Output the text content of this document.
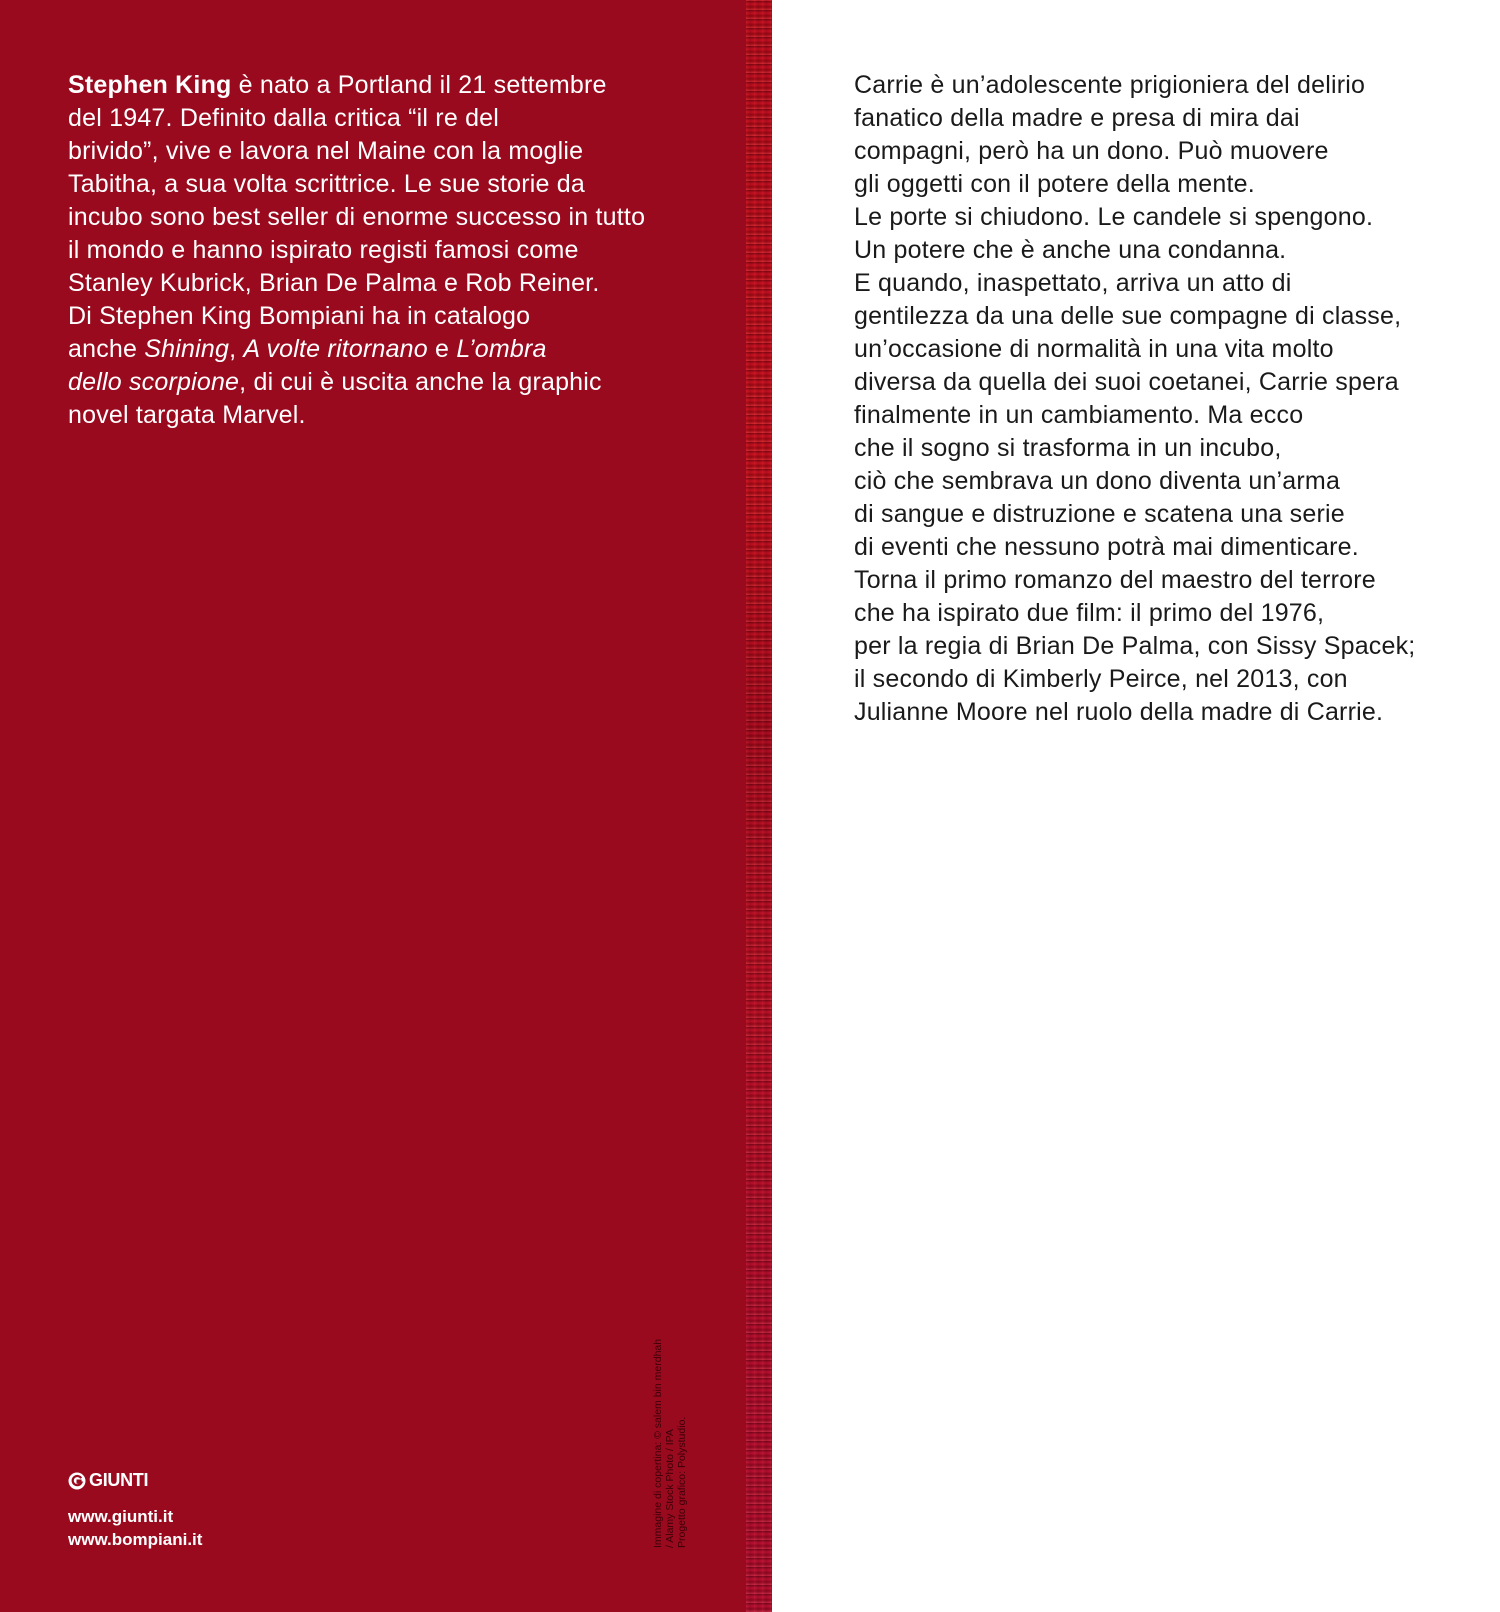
Stephen King è nato a Portland il 21 settembre
del 1947. Definito dalla critica “il re del
brivido”, vive e lavora nel Maine con la moglie
Tabitha, a sua volta scrittrice. Le sue storie da
incubo sono best seller di enorme successo in tutto
il mondo e hanno ispirato registi famosi come
Stanley Kubrick, Brian De Palma e Rob Reiner.
Di Stephen King Bompiani ha in catalogo
anche Shining, A volte ritornano e L’ombra
dello scorpione, di cui è uscita anche la graphic
novel targata Marvel.
Carrie è un’adolescente prigioniera del delirio
fanatico della madre e presa di mira dai
compagni, però ha un dono. Può muovere
gli oggetti con il potere della mente.
Le porte si chiudono. Le candele si spengono.
Un potere che è anche una condanna.
E quando, inaspettato, arriva un atto di
gentilezza da una delle sue compagne di classe,
un’occasione di normalità in una vita molto
diversa da quella dei suoi coetanei, Carrie spera
finalmente in un cambiamento. Ma ecco
che il sogno si trasforma in un incubo,
ciò che sembrava un dono diventa un’arma
di sangue e distruzione e scatena una serie
di eventi che nessuno potrà mai dimenticare.
Torna il primo romanzo del maestro del terrore
che ha ispirato due film: il primo del 1976,
per la regia di Brian De Palma, con Sissy Spacek;
il secondo di Kimberly Peirce, nel 2013, con
Julianne Moore nel ruolo della madre di Carrie.
GIUNTI
www.giunti.it
www.bompiani.it	Immagine di copertina: © salem bin merdhah / Alamy Stock Photo / IPA Progetto grafico: Polystudio.
